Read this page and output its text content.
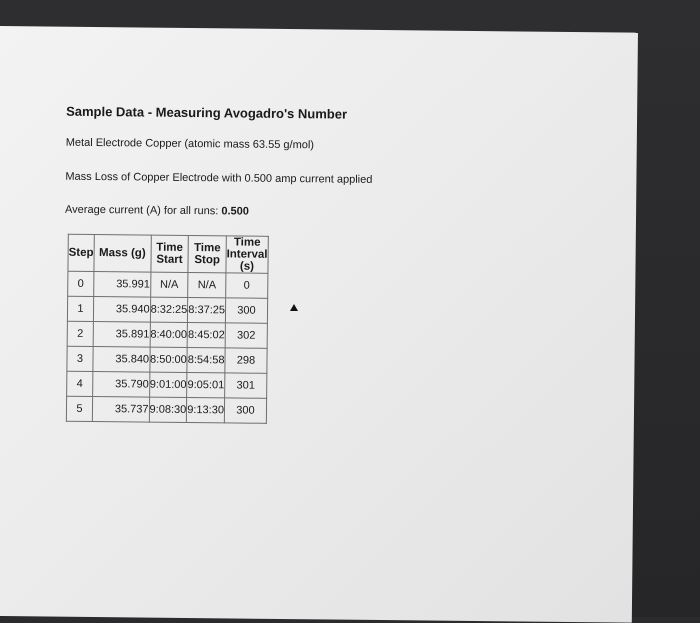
Sample Data - Measuring Avogadro's Number
Metal Electrode Copper (atomic mass 63.55 g/mol)
Mass Loss of Copper Electrode with 0.500 amp current applied
Average current (A) for all runs: 0.500
Step	Mass (g)	Time Start	Time Stop	Time Interval (s)
0	35.991	N/A	N/A	0
1	35.940	8:32:25	8:37:25	300
2	35.891	8:40:00	8:45:02	302
3	35.840	8:50:00	8:54:58	298
4	35.790	9:01:00	9:05:01	301
5	35.737	9:08:30	9:13:30	300
